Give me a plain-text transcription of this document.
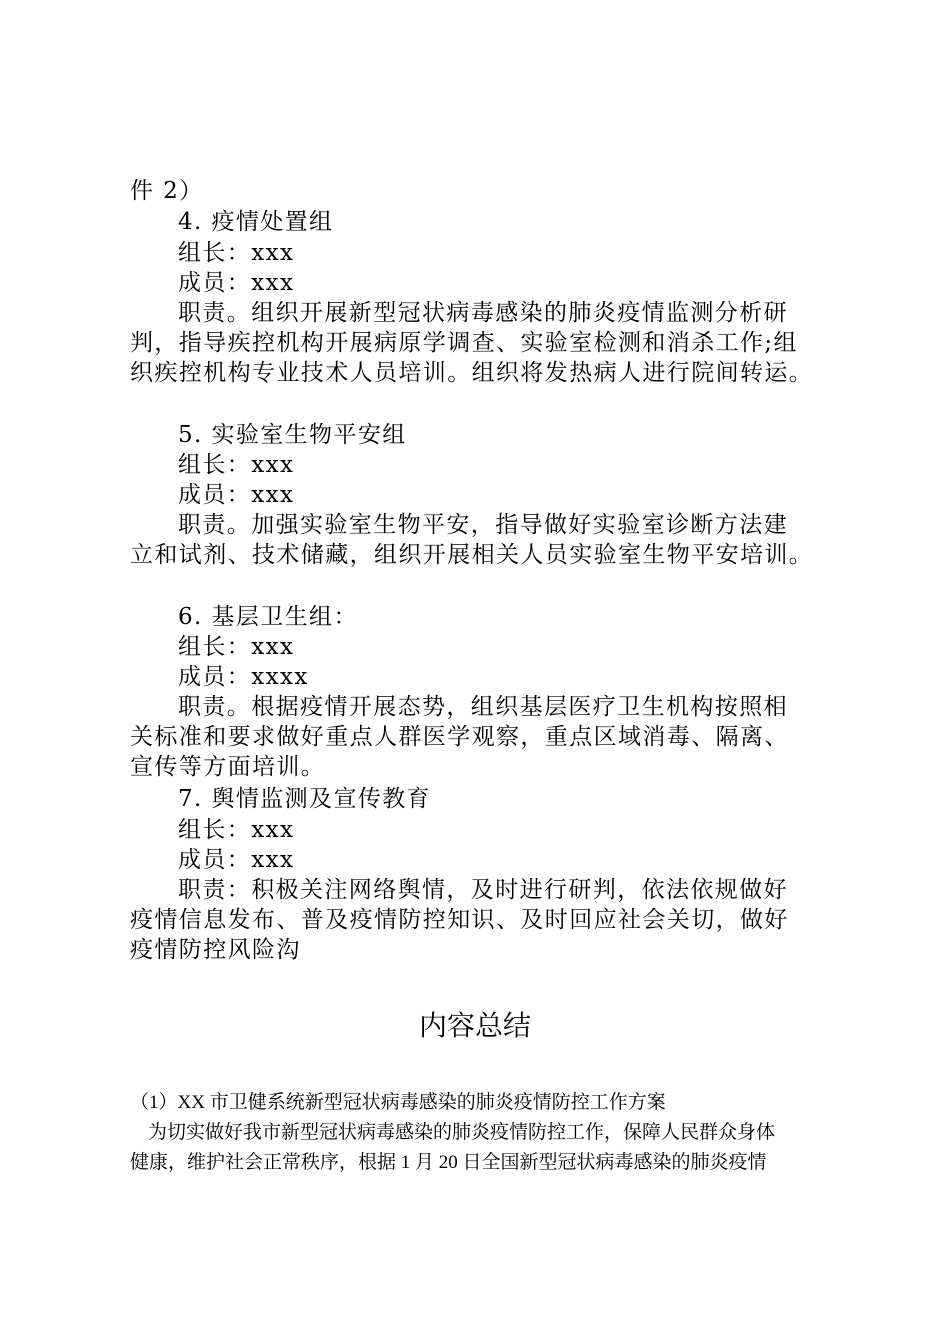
件 2）
4. 疫情处置组
组长：xxx
成员：xxx
职责。组织开展新型冠状病毒感染的肺炎疫情监测分析研
判，指导疾控机构开展病原学调查、实验室检测和消杀工作;组
织疾控机构专业技术人员培训。组织将发热病人进行院间转运。
5. 实验室生物平安组
组长：xxx
成员：xxx
职责。加强实验室生物平安，指导做好实验室诊断方法建
立和试剂、技术储藏，组织开展相关人员实验室生物平安培训。
6. 基层卫生组：
组长：xxx
成员：xxxx
职责。根据疫情开展态势，组织基层医疗卫生机构按照相
关标准和要求做好重点人群医学观察，重点区域消毒、隔离、
宣传等方面培训。
7. 舆情监测及宣传教育
组长：xxx
成员：xxx
职责：积极关注网络舆情，及时进行研判，依法依规做好
疫情信息发布、普及疫情防控知识、及时回应社会关切，做好
疫情防控风险沟
内容总结
（1）XX 市卫健系统新型冠状病毒感染的肺炎疫情防控工作方案
为切实做好我市新型冠状病毒感染的肺炎疫情防控工作，保障人民群众身体
健康，维护社会正常秩序，根据 1 月 20 日全国新型冠状病毒感染的肺炎疫情
